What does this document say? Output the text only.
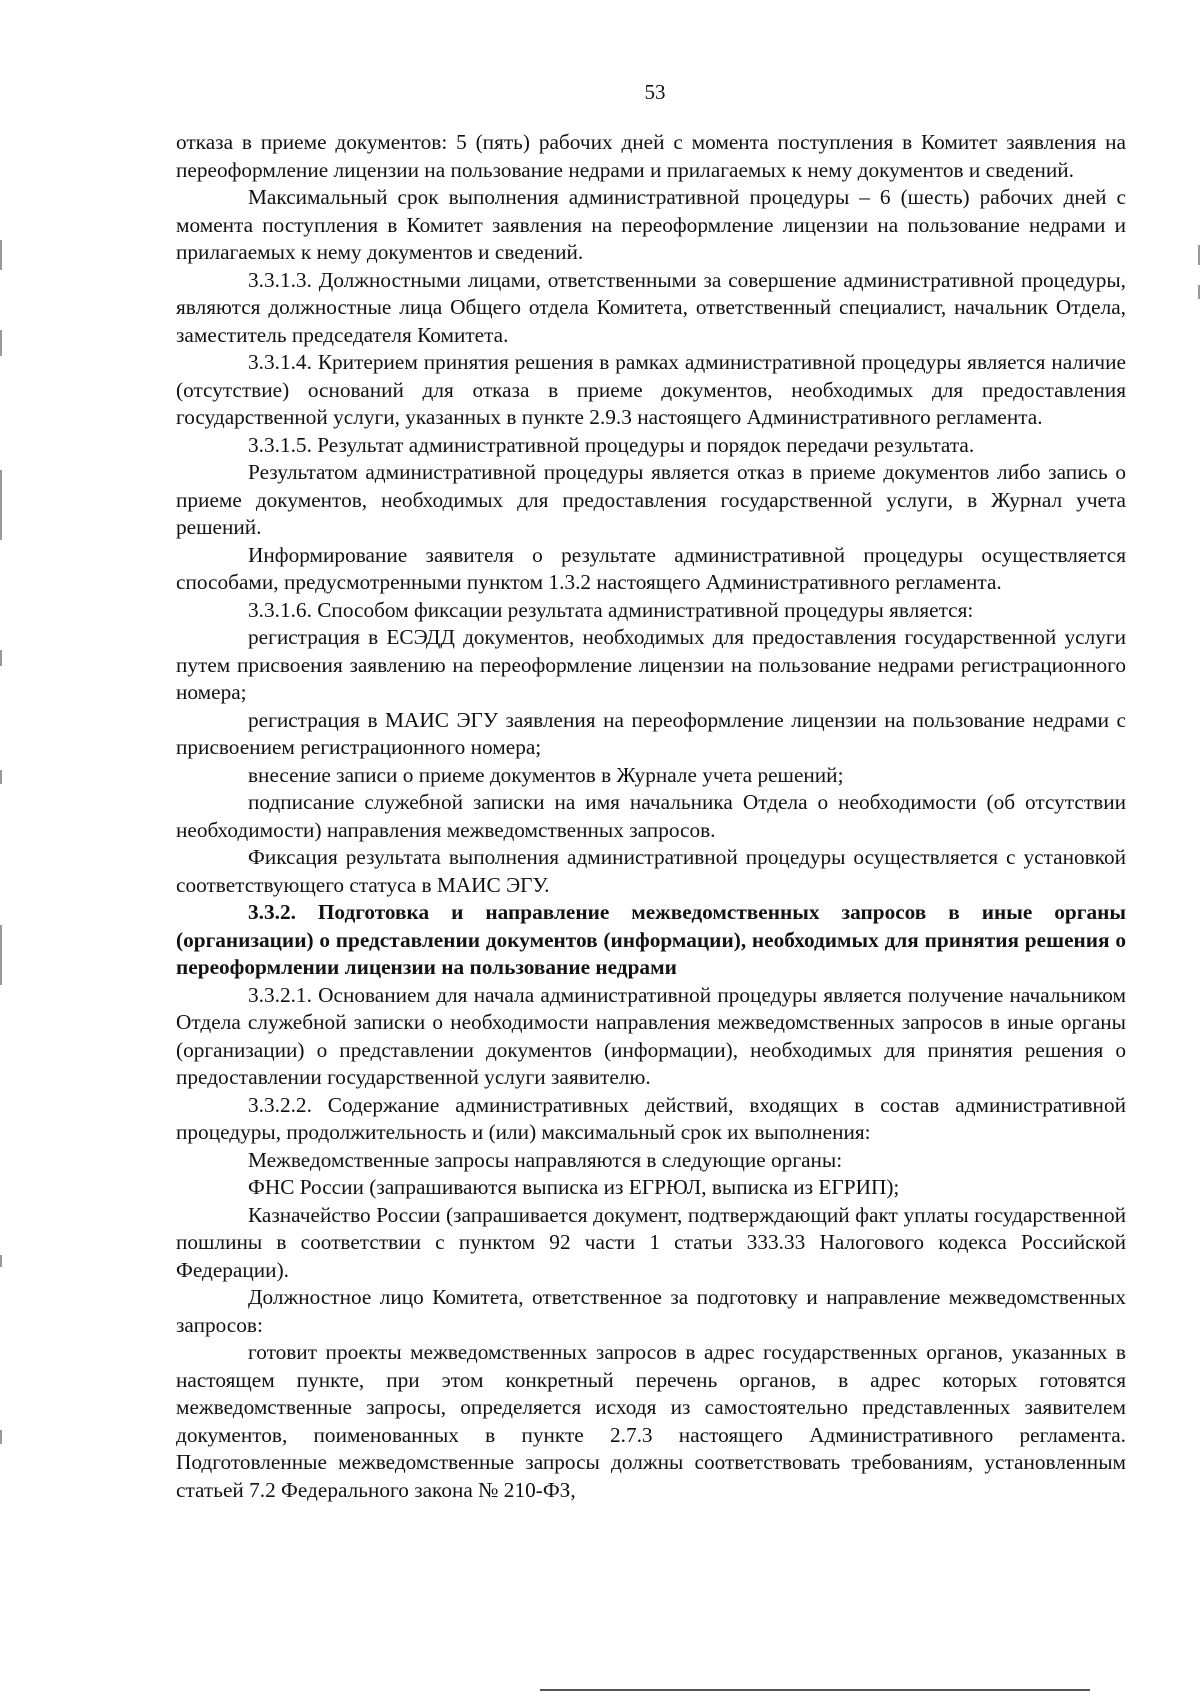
53

отказа в приеме документов: 5 (пять) рабочих дней с момента поступления в Комитет заявления на переоформление лицензии на пользование недрами и прилагаемых к нему документов и сведений.

Максимальный срок выполнения административной процедуры – 6 (шесть) рабочих дней с момента поступления в Комитет заявления на переоформление лицензии на пользование недрами и прилагаемых к нему документов и сведений.

3.3.1.3. Должностными лицами, ответственными за совершение административной процедуры, являются должностные лица Общего отдела Комитета, ответственный специалист, начальник Отдела, заместитель председателя Комитета.

3.3.1.4. Критерием принятия решения в рамках административной процедуры является наличие (отсутствие) оснований для отказа в приеме документов, необходимых для предоставления государственной услуги, указанных в пункте 2.9.3 настоящего Административного регламента.

3.3.1.5. Результат административной процедуры и порядок передачи результата.

Результатом административной процедуры является отказ в приеме документов либо запись о приеме документов, необходимых для предоставления государственной услуги, в Журнал учета решений.

Информирование заявителя о результате административной процедуры осуществляется способами, предусмотренными пунктом 1.3.2 настоящего Административного регламента.

3.3.1.6. Способом фиксации результата административной процедуры является:

регистрация в ЕСЭДД документов, необходимых для предоставления государственной услуги путем присвоения заявлению на переоформление лицензии на пользование недрами регистрационного номера;

регистрация в МАИС ЭГУ заявления на переоформление лицензии на пользование недрами с присвоением регистрационного номера;

внесение записи о приеме документов в Журнале учета решений;

подписание служебной записки на имя начальника Отдела о необходимости (об отсутствии необходимости) направления межведомственных запросов.

Фиксация результата выполнения административной процедуры осуществляется с установкой соответствующего статуса в МАИС ЭГУ.

3.3.2. Подготовка и направление межведомственных запросов в иные органы (организации) о представлении документов (информации), необходимых для принятия решения о переоформлении лицензии на пользование недрами

3.3.2.1. Основанием для начала административной процедуры является получение начальником Отдела служебной записки о необходимости направления межведомственных запросов в иные органы (организации) о представлении документов (информации), необходимых для принятия решения о предоставлении государственной услуги заявителю.

3.3.2.2. Содержание административных действий, входящих в состав административной процедуры, продолжительность и (или) максимальный срок их выполнения:

Межведомственные запросы направляются в следующие органы:

ФНС России (запрашиваются выписка из ЕГРЮЛ, выписка из ЕГРИП);

Казначейство России (запрашивается документ, подтверждающий факт уплаты государственной пошлины в соответствии с пунктом 92 части 1 статьи 333.33 Налогового кодекса Российской Федерации).

Должностное лицо Комитета, ответственное за подготовку и направление межведомственных запросов:

готовит проекты межведомственных запросов в адрес государственных органов, указанных в настоящем пункте, при этом конкретный перечень органов, в адрес которых готовятся межведомственные запросы, определяется исходя из самостоятельно представленных заявителем документов, поименованных в пункте 2.7.3 настоящего Административного регламента. Подготовленные межведомственные запросы должны соответствовать требованиям, установленным статьей 7.2 Федерального закона № 210-ФЗ,
